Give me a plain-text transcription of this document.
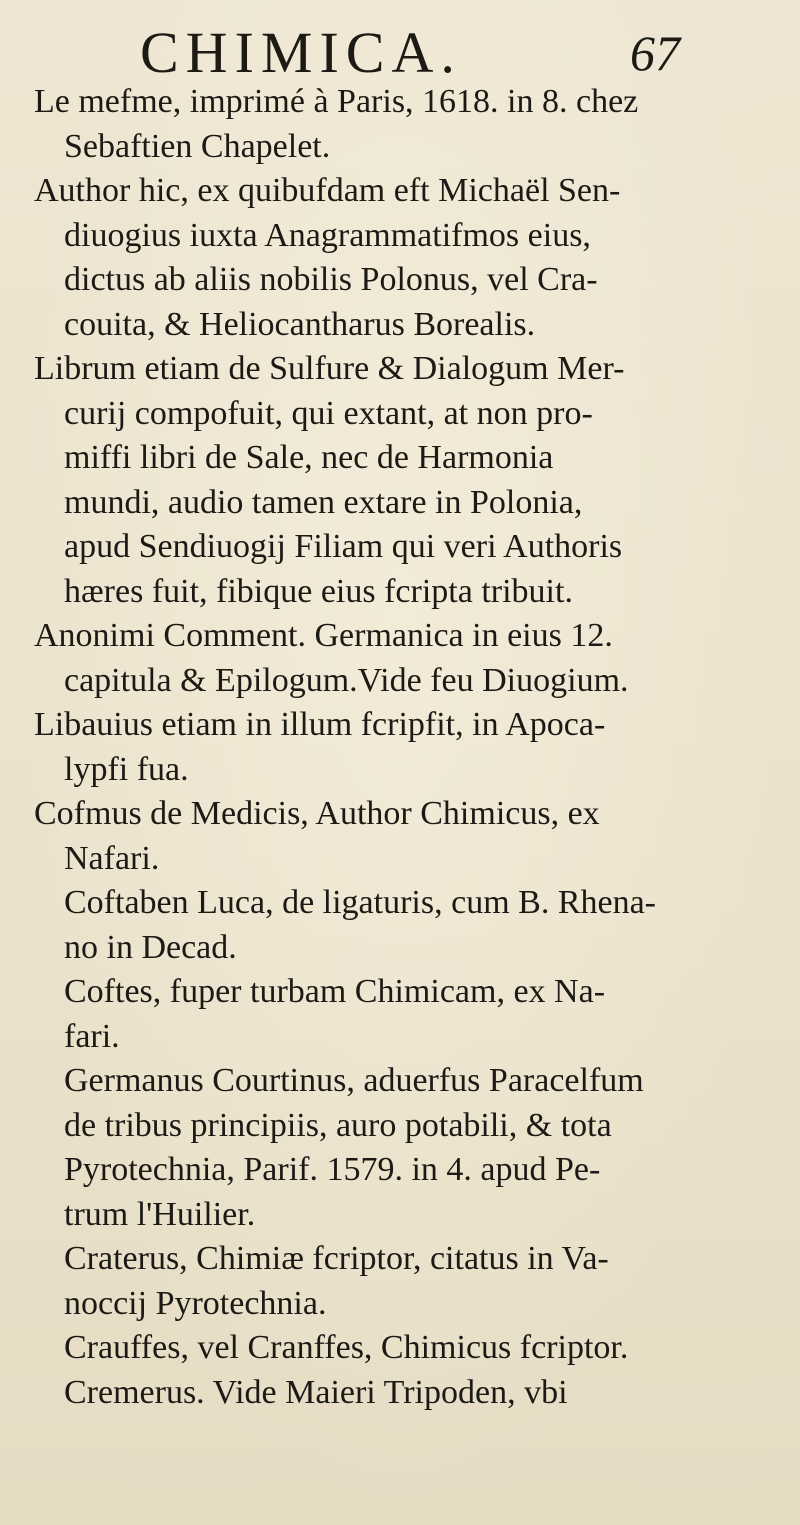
CHIMICA.	67
Le mefme, imprimé à Paris, 1618. in 8. chez
Sebaftien Chapelet.
Author hic, ex quibufdam eft Michaël Sen-
diuogius iuxta Anagrammatifmos eius,
dictus ab aliis nobilis Polonus, vel Cra-
couita, & Heliocantharus Borealis.
Librum etiam de Sulfure & Dialogum Mer-
curij compofuit, qui extant, at non pro-
miffi libri de Sale, nec de Harmonia
mundi, audio tamen extare in Polonia,
apud Sendiuogij Filiam qui veri Authoris
hæres fuit, fibique eius fcripta tribuit.
Anonimi Comment. Germanica in eius 12.
capitula & Epilogum.Vide feu Diuogium.
Libauius etiam in illum fcripfit, in Apoca-
lypfi fua.
Cofmus de Medicis, Author Chimicus, ex
Nafari.
Coftaben Luca, de ligaturis, cum B. Rhena-
no in Decad.
Coftes, fuper turbam Chimicam, ex Na-
fari.
Germanus Courtinus, aduerfus Paracelfum
de tribus principiis, auro potabili, & tota
Pyrotechnia, Parif. 1579. in 4. apud Pe-
trum l'Huilier.
Craterus, Chimiæ fcriptor, citatus in Va-
noccij Pyrotechnia.
Crauffes, vel Cranffes, Chimicus fcriptor.
Cremerus. Vide Maieri Tripoden, vbi
